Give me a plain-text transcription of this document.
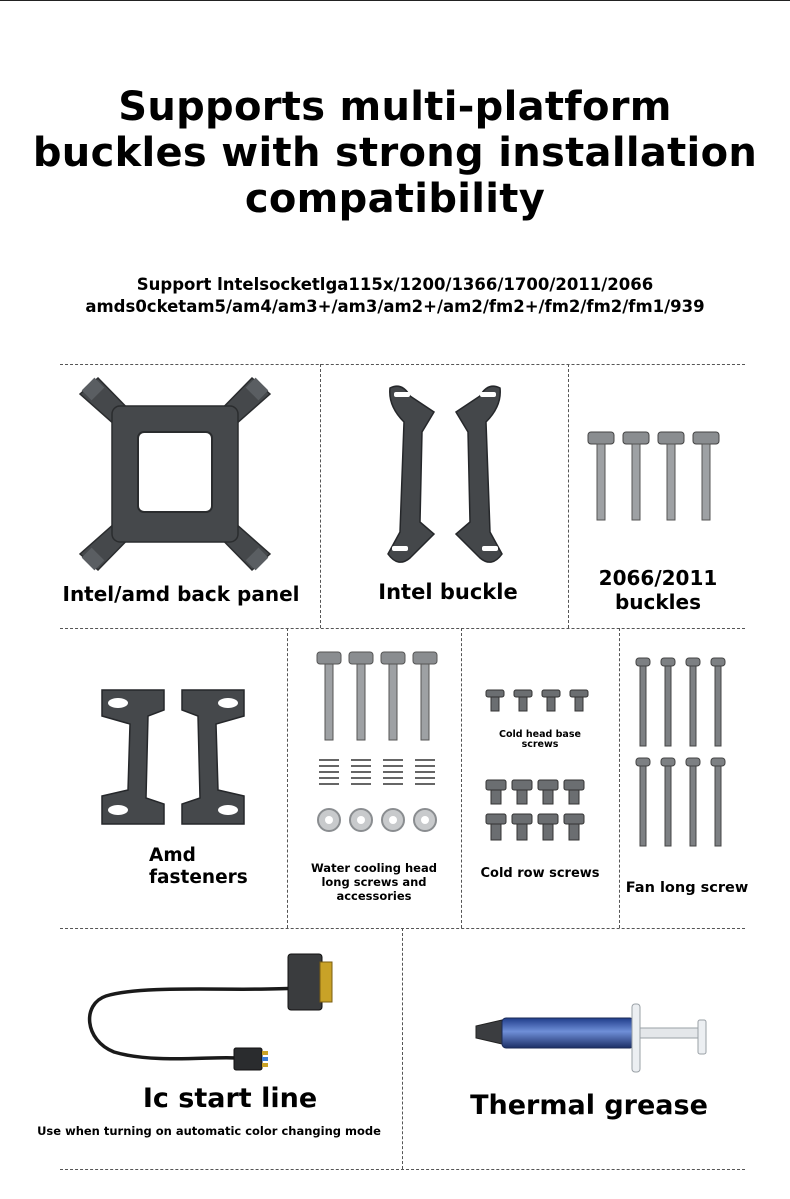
Supports multi-platform
buckles with strong installation
compatibility
Support lntelsocketlga115x/1200/1366/1700/2011/2066
amds0cketam5/am4/am3+/am3/am2+/am2/fm2+/fm2/fm2/fm1/939
Intel/amd back panel	Intel buckle
2066/2011
buckles
Amd
fasteners	Water cooling head
long screws and
accessories
Cold head base
screws
Cold row screws
Fan long screw
Ic start line
Use when turning on automatic color changing mode
Thermal grease
